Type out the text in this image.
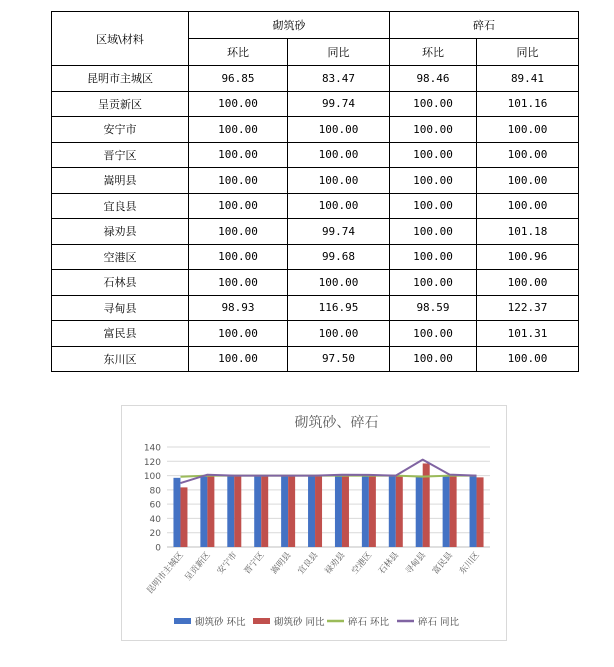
区域\材料	砌筑砂		碎石	
	环比	同比	环比	同比
昆明市主城区	96.85	83.47	98.46	89.41
呈贡新区	100.00	99.74	100.00	101.16
安宁市	100.00	100.00	100.00	100.00
晋宁区	100.00	100.00	100.00	100.00
嵩明县	100.00	100.00	100.00	100.00
宜良县	100.00	100.00	100.00	100.00
禄劝县	100.00	99.74	100.00	101.18
空港区	100.00	99.68	100.00	100.96
石林县	100.00	100.00	100.00	100.00
寻甸县	98.93	116.95	98.59	122.37
富民县	100.00	100.00	100.00	101.31
东川区	100.00	97.50	100.00	100.00
砌筑砂、碎石
0
20
40
60
80
100
120
140
昆明市主城区
呈贡新区 安宁市 晋宁区 嵩明县 宜良县 禄劝县 空港区 石林县 寻甸县 富民县 东川区
砌筑砂 环比	砌筑砂 同比 碎石 环比	碎石 同比
